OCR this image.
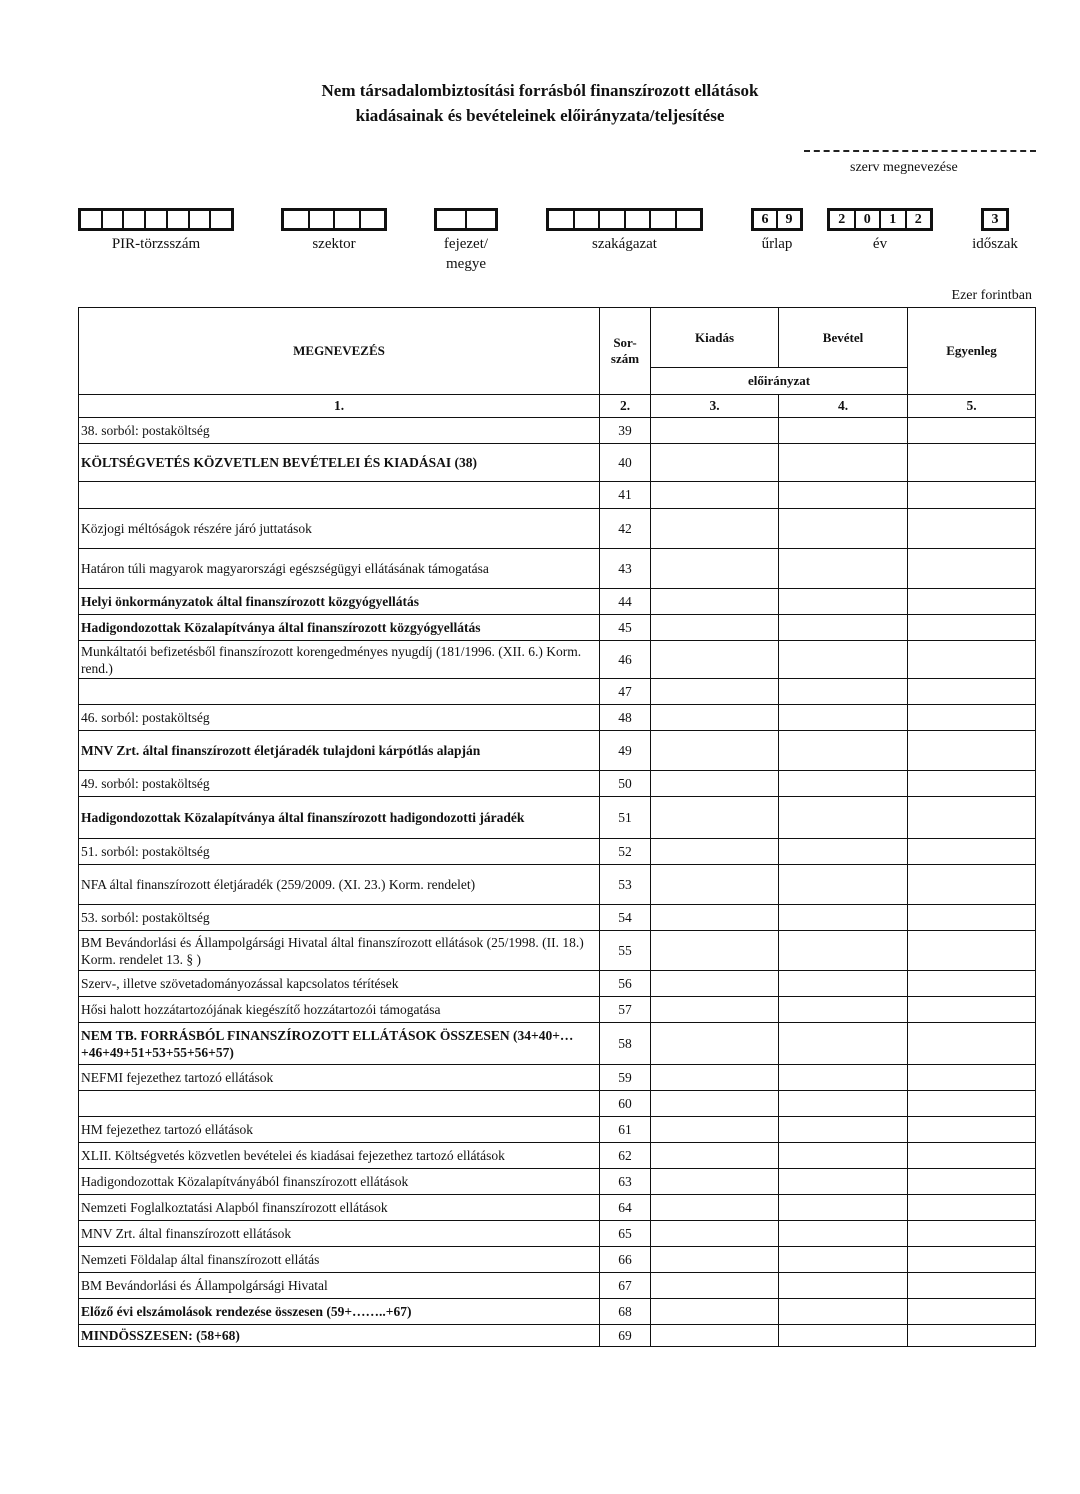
Nem társadalombiztosítási forrásból finanszírozott ellátások
kiadásainak és bevételeinek előirányzata/teljesítése
szerv megnevezése
6	9	2	0	1	2	3
PIR-törzsszám	szektor	fejezet/
megye
szakágazat	űrlap	év	időszak
Ezer forintban
MEGNEVEZÉS	Sor-szám	Kiadás	Bevétel	Egyenleg
		előirányzat		
1.	2.	3.	4.	5.
38. sorból: postaköltség	39			
KÖLTSÉGVETÉS KÖZVETLEN BEVÉTELEI ÉS KIADÁSAI (38)	40			
	41			
Közjogi méltóságok részére járó juttatások	42			
Határon túli magyarok magyarországi egészségügyi ellátásának támogatása	43			
Helyi önkormányzatok által finanszírozott közgyógyellátás	44			
Hadigondozottak Közalapítványa által finanszírozott közgyógyellátás	45			
Munkáltatói befizetésből finanszírozott korengedményes nyugdíj (181/1996. (XII. 6.) Korm. rend.)	46			
	47			
46. sorból: postaköltség	48			
MNV Zrt. által finanszírozott életjáradék tulajdoni kárpótlás alapján	49			
49. sorból: postaköltség	50			
Hadigondozottak Közalapítványa által finanszírozott hadigondozotti járadék	51			
51. sorból: postaköltség	52			
NFA által finanszírozott életjáradék (259/2009. (XI. 23.) Korm. rendelet)	53			
53. sorból: postaköltség	54			
BM Bevándorlási és Állampolgársági Hivatal által finanszírozott ellátások (25/1998. (II. 18.) Korm. rendelet 13. § )	55			
Szerv-, illetve szövetadományozással kapcsolatos térítések	56			
Hősi halott hozzátartozójának kiegészítő hozzátartozói támogatása	57			
NEM TB. FORRÁSBÓL FINANSZÍROZOTT ELLÁTÁSOK ÖSSZESEN (34+40+…+46+49+51+53+55+56+57)	58			
NEFMI fejezethez tartozó ellátások	59			
	60			
HM fejezethez tartozó ellátások	61			
XLII. Költségvetés közvetlen bevételei és kiadásai fejezethez tartozó ellátások	62			
Hadigondozottak Közalapítványából finanszírozott ellátások	63			
Nemzeti Foglalkoztatási Alapból finanszírozott ellátások	64			
MNV Zrt. által finanszírozott ellátások	65			
Nemzeti Földalap által finanszírozott ellátás	66			
BM Bevándorlási és Állampolgársági Hivatal	67			
Előző évi elszámolások rendezése összesen (59+……..+67)	68			
MINDÖSSZESEN: (58+68)	69			
